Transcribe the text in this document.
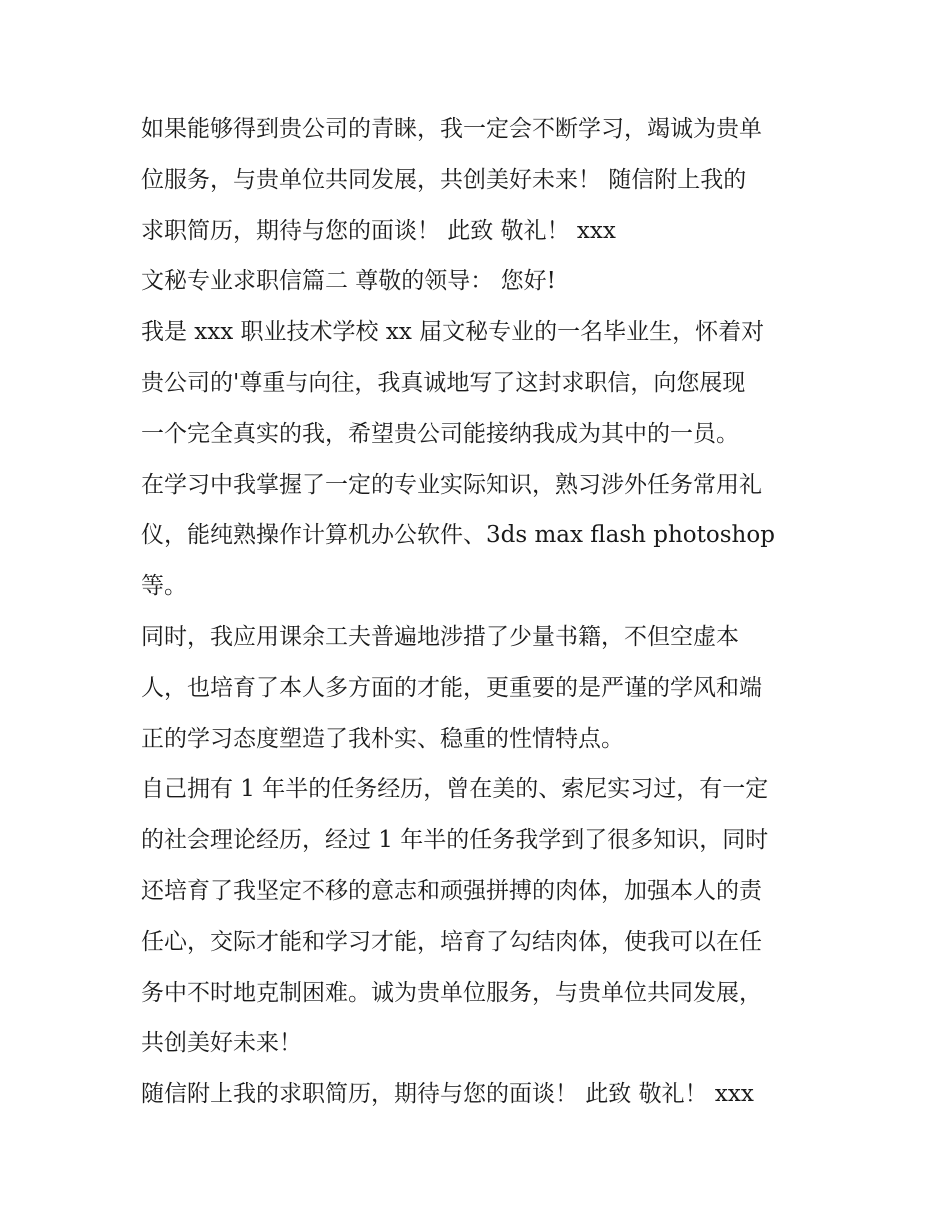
如果能够得到贵公司的青睐，我一定会不断学习，竭诚为贵单
位服务，与贵单位共同发展，共创美好未来！ 随信附上我的
求职简历，期待与您的面谈！ 此致 敬礼！ xxx
文秘专业求职信篇二 尊敬的领导： 您好!
我是 xxx 职业技术学校 xx 届文秘专业的一名毕业生，怀着对
贵公司的'尊重与向往，我真诚地写了这封求职信，向您展现
一个完全真实的我，希望贵公司能接纳我成为其中的一员。
在学习中我掌握了一定的专业实际知识，熟习涉外任务常用礼
仪，能纯熟操作计算机办公软件、3ds max flash photoshop
等。
同时，我应用课余工夫普遍地涉措了少量书籍，不但空虚本
人，也培育了本人多方面的才能，更重要的是严谨的学风和端
正的学习态度塑造了我朴实、稳重的性情特点。
自己拥有 1 年半的任务经历，曾在美的、索尼实习过，有一定
的社会理论经历，经过 1 年半的任务我学到了很多知识，同时
还培育了我坚定不移的意志和顽强拼搏的肉体，加强本人的责
任心，交际才能和学习才能，培育了勾结肉体，使我可以在任
务中不时地克制困难。诚为贵单位服务，与贵单位共同发展，
共创美好未来！
随信附上我的求职简历，期待与您的面谈！ 此致 敬礼！ xxx
